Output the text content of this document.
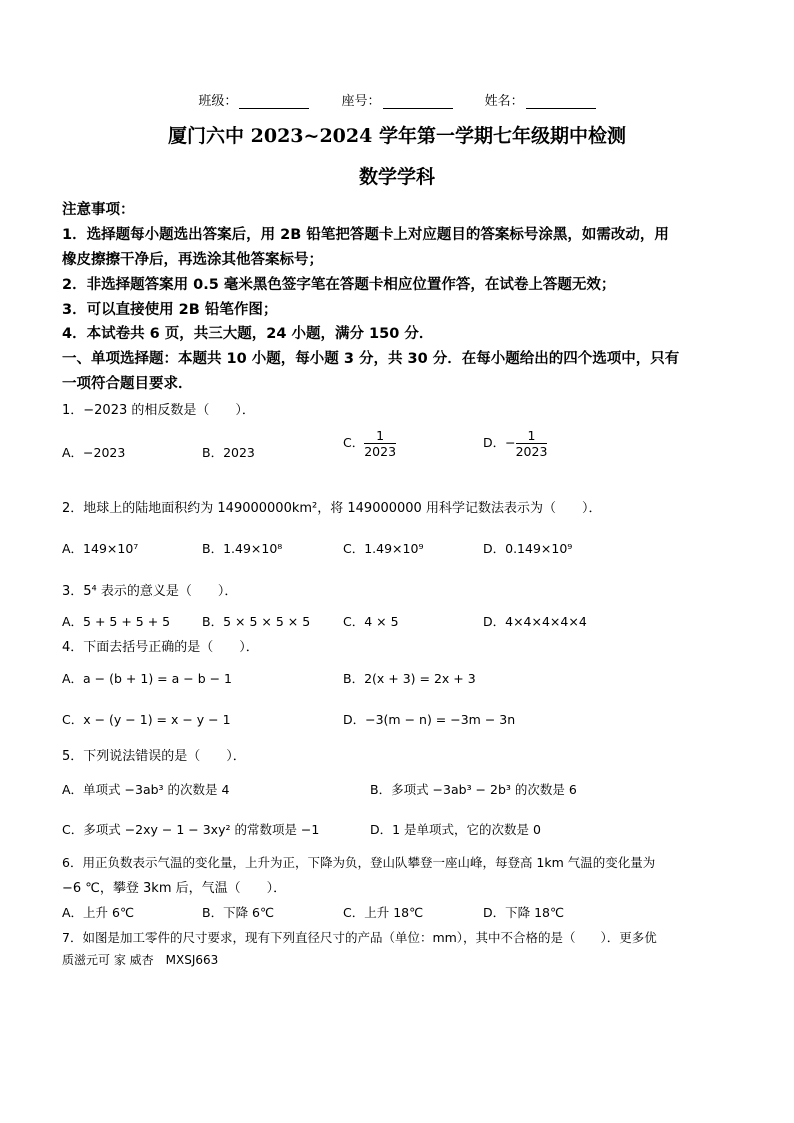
班级：	座号：	姓名：
厦门六中 2023~2024 学年第一学期七年级期中检测
数学学科
注意事项：
1．选择题每小题选出答案后，用 2B 铅笔把答题卡上对应题目的答案标号涂黑，如需改动，用
橡皮擦擦干净后，再选涂其他答案标号；
2．非选择题答案用 0.5 毫米黑色签字笔在答题卡相应位置作答，在试卷上答题无效；
3．可以直接使用 2B 铅笔作图；
4．本试卷共 6 页，共三大题，24 小题，满分 150 分．
一、单项选择题：本题共 10 小题，每小题 3 分，共 30 分．在每小题给出的四个选项中，只有
一项符合题目要求．
1．−2023 的相反数是（　　）．
A．−2023	B．2023
C． $\frac{1}{2023}$	D．− $\frac{1}{2023}$
2．地球上的陆地面积约为 149000000km²，将 149000000 用科学记数法表示为（　　）．
A．149×10⁷	B．1.49×10⁸	C．1.49×10⁹	D．0.149×10⁹
3．5⁴ 表示的意义是（　　）．
A．5 + 5 + 5 + 5	B．5 × 5 × 5 × 5	C．4 × 5	D．4×4×4×4×4
4．下面去括号正确的是（　　）．
A．a − (b + 1) = a − b − 1	B．2(x + 3) = 2x + 3
C．x − (y − 1) = x − y − 1	D．−3(m − n) = −3m − 3n
5．下列说法错误的是（　　）．
A．单项式 −3ab³ 的次数是 4	B．多项式 −3ab³ − 2b³ 的次数是 6
C．多项式 −2xy − 1 − 3xy² 的常数项是 −1	D．1 是单项式，它的次数是 0
6．用正负数表示气温的变化量，上升为正，下降为负，登山队攀登一座山峰，每登高 1km 气温的变化量为
−6 ℃，攀登 3km 后，气温（　　）．
A．上升 6℃	B．下降 6℃	C．上升 18℃	D．下降 18℃
7．如图是加工零件的尺寸要求，现有下列直径尺寸的产品（单位：mm），其中不合格的是（　　）．更多优
质滋元可 家 威杏　MXSJ663
